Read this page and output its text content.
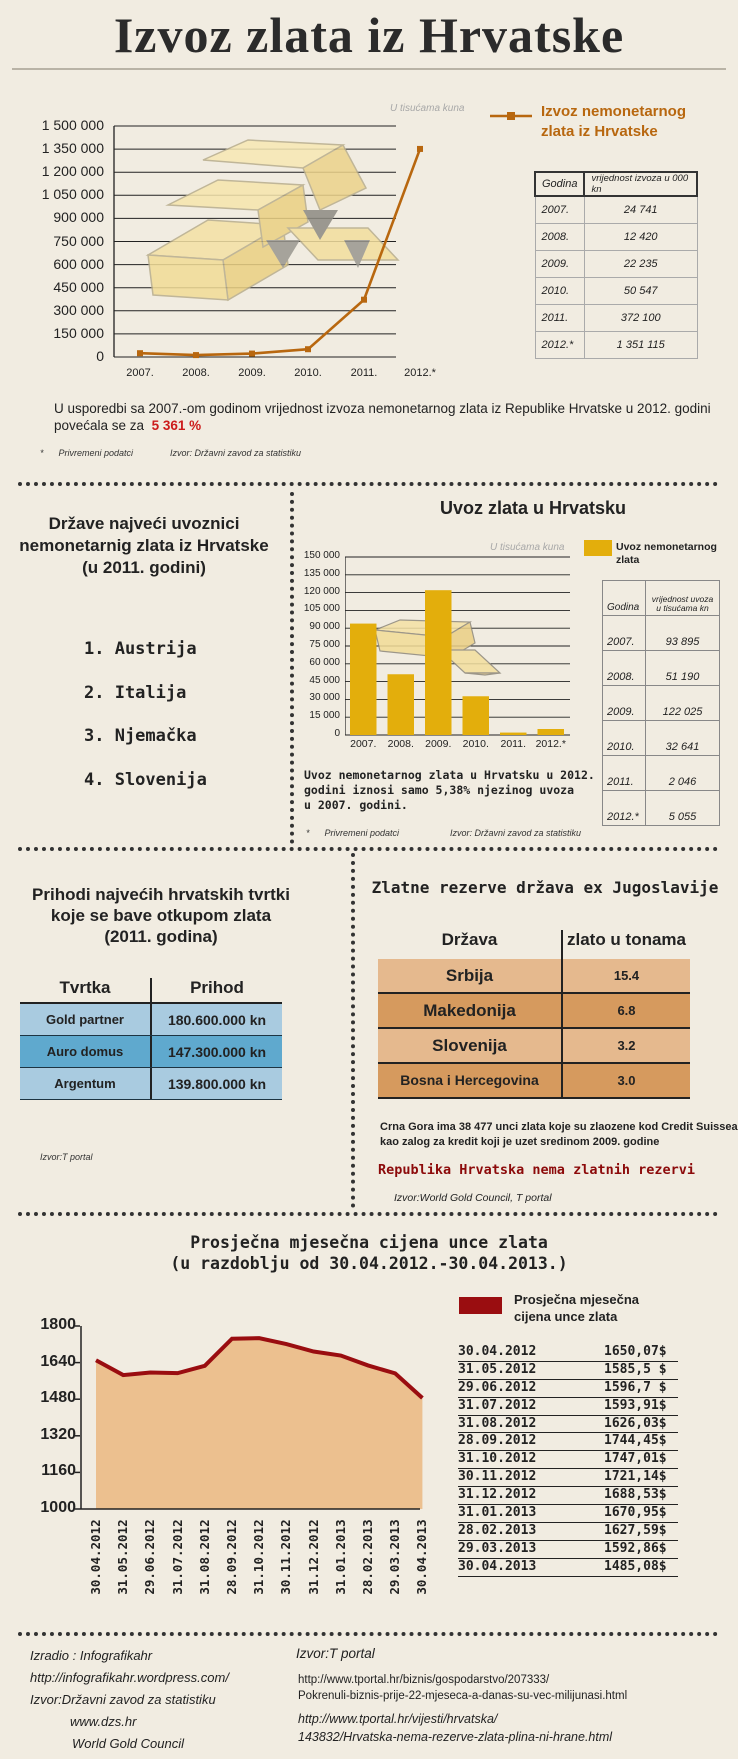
Izvoz zlata iz Hrvatske
U tisućama kuna
1 500 000
1 350 000
1 200 000
1 050 000
900 000
750 000
600 000
450 000
300 000
150 000
0
2007.	2008.	2009.	2010.	2011.	2012.*
Izvoz nemonetarnog
zlata iz Hrvatske
Godina	vrijednost izvoza u 000 kn
2007.	24 741
2008.	12 420
2009.	22 235
2010.	50 547
2011.	372 100
2012.*	1 351 115
U usporedbi sa 2007.-om godinom vrijednost izvoza nemonetarnog zlata iz Republike Hrvatske u 2012. godini
povećala se za 5 361 %
*      Privremeni podatci	Izvor: Državni zavod za statistiku
Države najveći uvoznici
nemonetarnig zlata iz Hrvatske
(u 2011. godini)
1. Austrija
2. Italija
3. Njemačka
4. Slovenija
Uvoz zlata u Hrvatsku
U tisućama kuna
150 000
135 000
120 000
105 000
90 000
75 000
60 000
45 000
30 000
15 000
0
2007.	2008.	2009.	2010.	2011. 2012.*
Uvoz nemonetarnog
zlata
Godina	vrijednost uvoza u tisućama kn
2007.	93 895
2008.	51 190
2009.	122 025
2010.	32 641
2011.	2 046
2012.*	5 055
Uvoz nemonetarnog zlata u Hrvatsku u 2012.
godini iznosi samo 5,38% njezinog uvoza
u 2007. godini.
*      Privremeni podatci	Izvor: Državni zavod za statistiku
Prihodi najvećih hrvatskih tvrtki
koje se bave otkupom zlata
(2011. godina)
Tvrtka	Prihod
Gold partner	180.600.000 kn
Auro domus	147.300.000 kn
Argentum	139.800.000 kn
Izvor:T portal
Zlatne rezerve država ex Jugoslavije
Država	zlato u tonama
Srbija	15.4
Makedonija	6.8
Slovenija	3.2
Bosna i Hercegovina	3.0
Crna Gora ima 38 477 unci zlata koje su zlaozene kod Credit Suissea
kao zalog za kredit koji je uzet sredinom 2009. godine
Republika Hrvatska nema zlatnih rezervi
Izvor:World Gold Council, T portal
Prosječna mjesečna cijena unce zlata
(u razdoblju od 30.04.2012.-30.04.2013.)
Prosječna mjesečna
cijena unce zlata
1800
1640
1480
1320
1160
1000
30.04.2012 31.05.2012 29.06.2012 31.07.2012 31.08.2012 28.09.2012 31.10.2012 30.11.2012 31.12.2012 31.01.2013 28.02.2013 29.03.2013 30.04.2013
30.04.2012	1650,07$
31.05.2012	1585,5 $
29.06.2012	1596,7 $
31.07.2012	1593,91$
31.08.2012	1626,03$
28.09.2012	1744,45$
31.10.2012	1747,01$
30.11.2012	1721,14$
31.12.2012	1688,53$
31.01.2013	1670,95$
28.02.2013	1627,59$
29.03.2013	1592,86$
30.04.2013	1485,08$
Izradio : Infografikahr
http://infografikahr.wordpress.com/
Izvor:Državni zavod za statistiku
www.dzs.hr
World Gold Council
Izvor:T portal
http://www.tportal.hr/biznis/gospodarstvo/207333/
Pokrenuli-biznis-prije-22-mjeseca-a-danas-su-vec-milijunasi.html
http://www.tportal.hr/vijesti/hrvatska/
143832/Hrvatska-nema-rezerve-zlata-plina-ni-hrane.html
